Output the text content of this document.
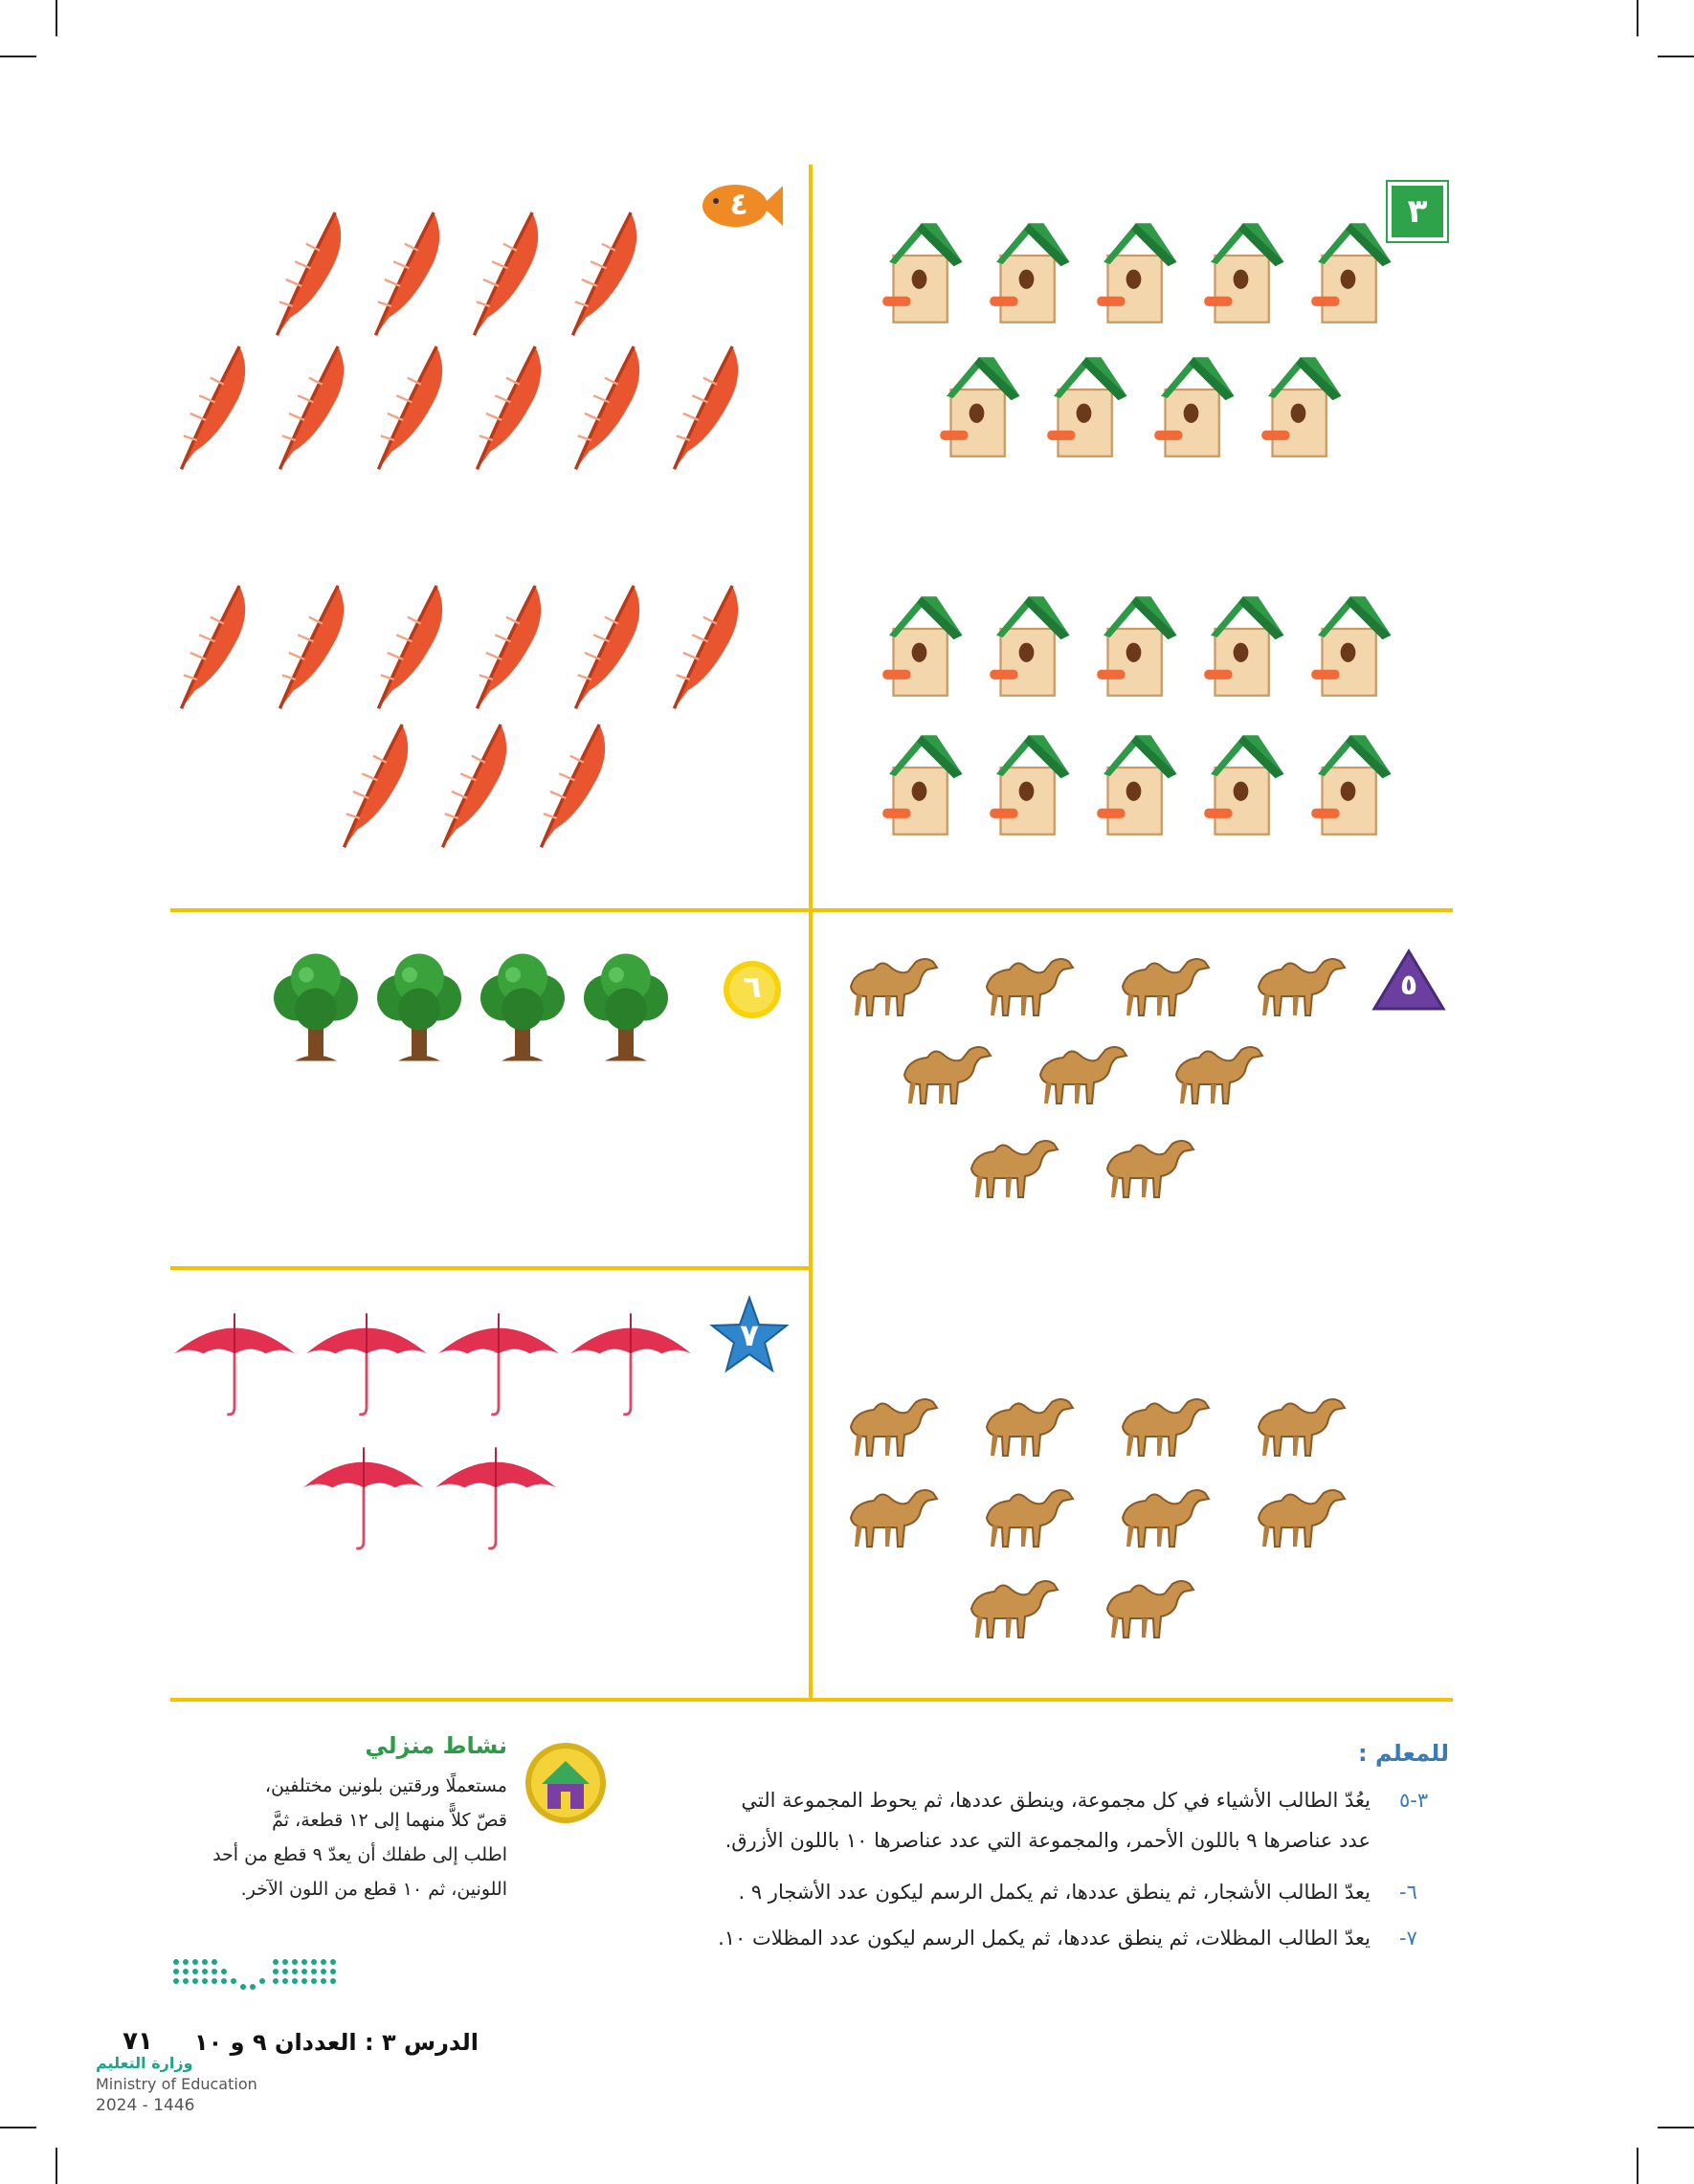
٣
٤
٥
٦
٧
للمعلم :
٣-٥
يعُدّ الطالب الأشياء في كل مجموعة، وينطق عددها، ثم يحوط المجموعة التي
عدد عناصرها ٩ باللون الأحمر، والمجموعة التي عدد عناصرها ١٠ باللون الأزرق.
٦-
يعدّ الطالب الأشجار، ثم ينطق عددها، ثم يكمل الرسم ليكون عدد الأشجار ٩ .
٧-
يعدّ الطالب المظلات، ثم ينطق عددها، ثم يكمل الرسم ليكون عدد المظلات ١٠.
نشاط منزلي
مستعملًا ورقتين بلونين مختلفين،
قصّ كلاًّ منهما إلى ١٢ قطعة، ثمَّ
اطلب إلى طفلك أن يعدّ ٩ قطع من أحد
اللونين، ثم ١٠ قطع من اللون الآخر.
الدرس ٣ : العددان ٩ و ١٠
٧١
وزارة التعليم
Ministry of Education
2024 - 1446
